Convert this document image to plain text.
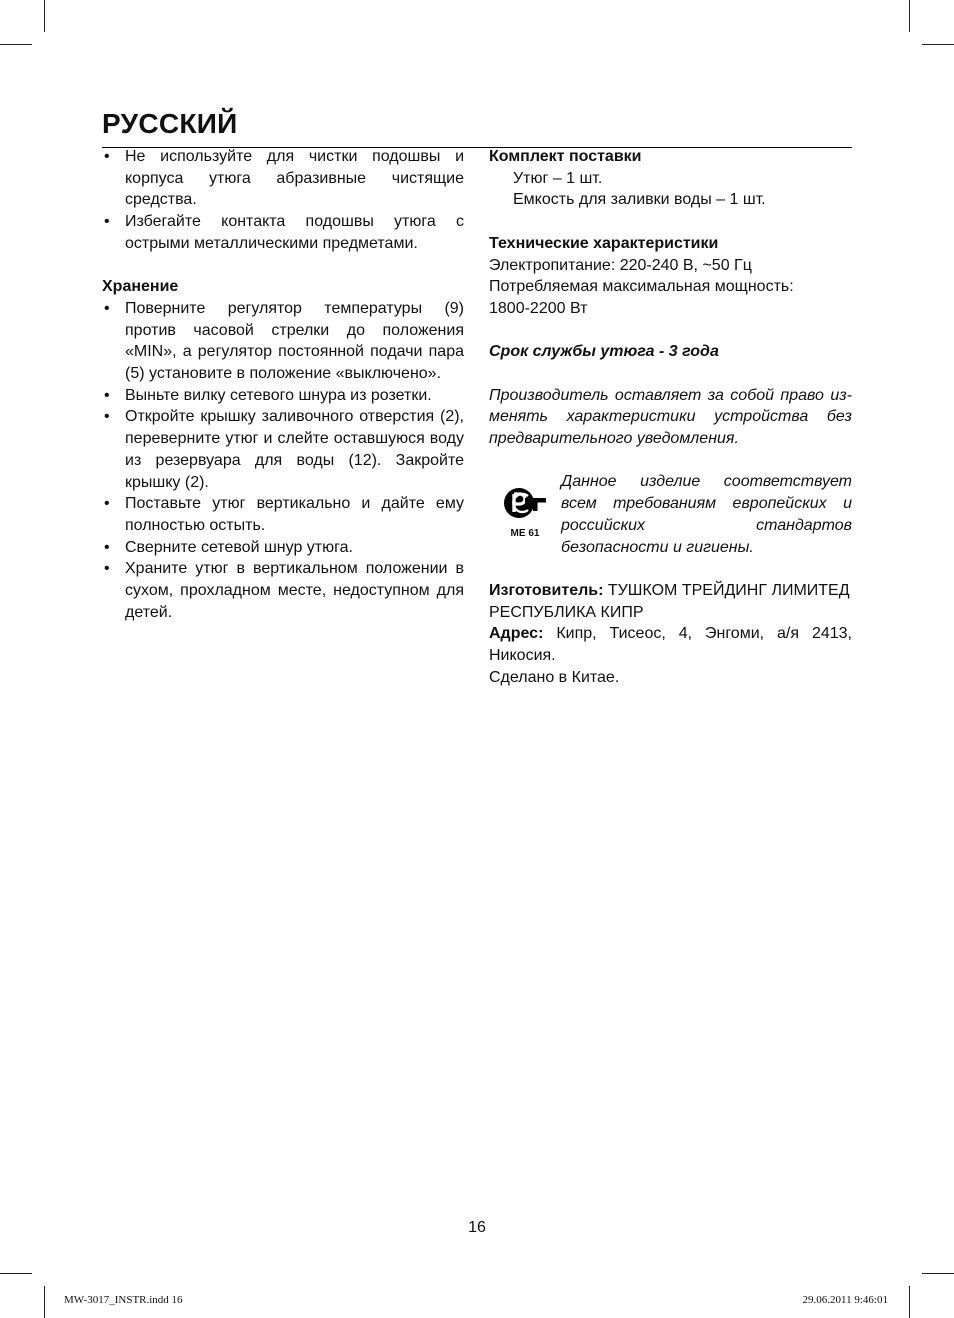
РУССКИЙ
• Не используйте для чистки подошвы и корпуса утюга абразивные чистящие средства.
• Избегайте контакта подошвы утюга с острыми металлическими предметами.
Хранение
• Поверните регулятор температуры (9) против часовой стрелки до положения «MIN», а регулятор постоянной подачи пара (5) установите в положение «выключено».
• Выньте вилку сетевого шнура из розетки.
• Откройте крышку заливочного отверстия (2), переверните утюг и слейте оставшуюся воду из резервуара для воды (12). Закройте крышку (2).
• Поставьте утюг вертикально и дайте ему полностью остыть.
• Сверните сетевой шнур утюга.
• Храните утюг в вертикальном положении в сухом, прохладном месте, недоступном для детей.
Комплект поставки
Утюг – 1 шт.
Емкость для заливки воды – 1 шт.
Технические характеристики
Электропитание: 220-240 В, ~50 Гц
Потребляемая максимальная мощность:
1800-2200 Вт
Срок службы утюга - 3 года
Производитель оставляет за собой право изменять характеристики устройства без предварительного уведомления.
ME 61
Данное изделие соответствует всем требованиям европейских и российских стандартов безопасности и гигиены.
Изготовитель: ТУШКОМ ТРЕЙДИНГ ЛИМИТЕД РЕСПУБЛИКА КИПР
Адрес: Кипр, Тисеос, 4, Энгоми, а/я 2413, Никосия.
Сделано в Китае.
16
MW-3017_INSTR.indd 16	29.06.2011 9:46:01
